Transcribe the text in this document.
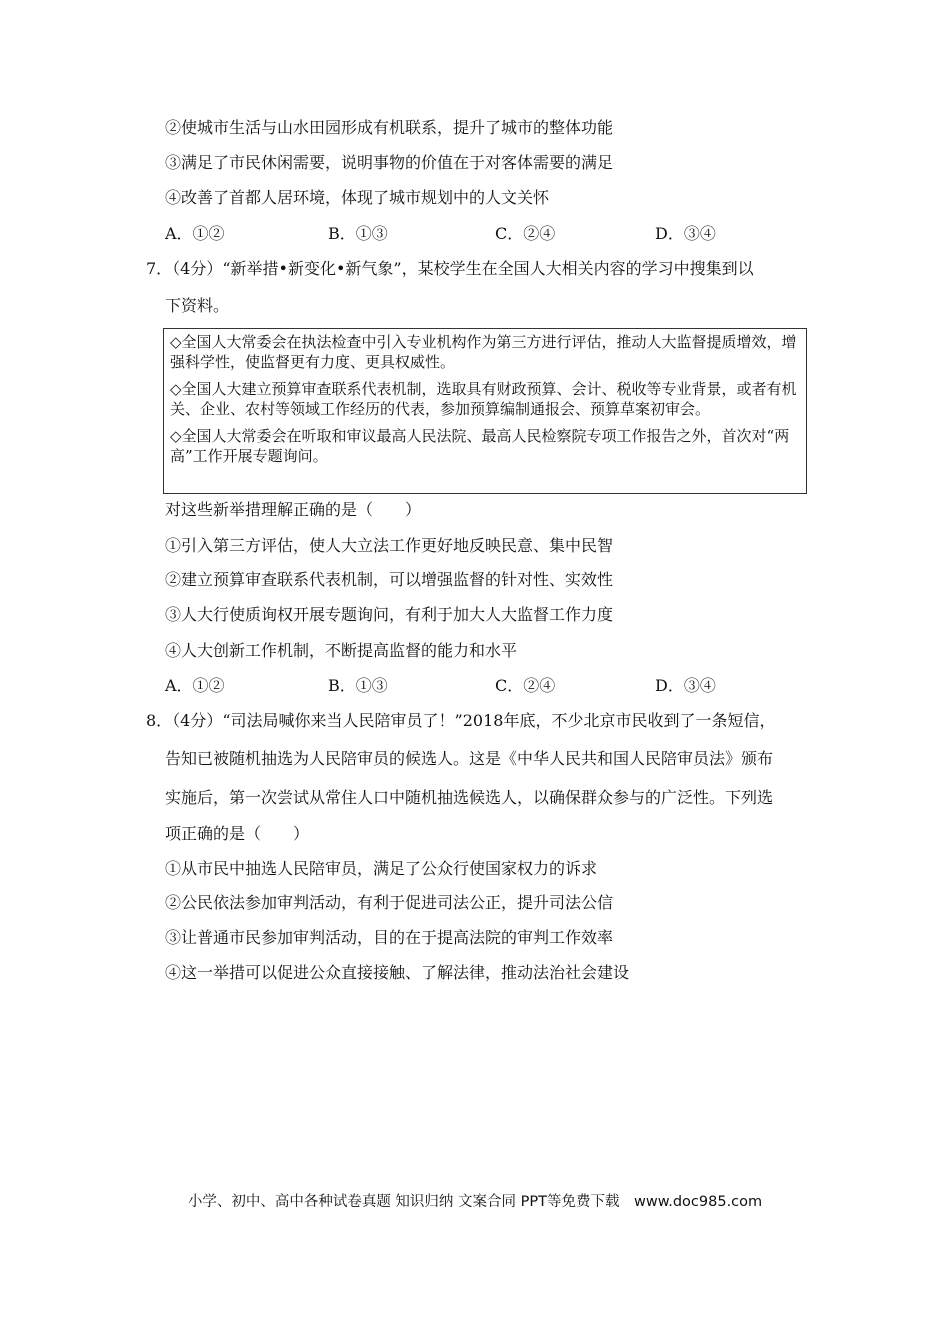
②使城市生活与山水田园形成有机联系，提升了城市的整体功能
③满足了市民休闲需要，说明事物的价值在于对客体需要的满足
④改善了首都人居环境，体现了城市规划中的人文关怀
A．①②	B．①③	C．②④	D．③④
7．（4分）“新举措•新变化•新气象”，某校学生在全国人大相关内容的学习中搜集到以
下资料。

◇全国人大常委会在执法检查中引入专业机构作为第三方进行评估，推动人大监督提质增效，增强科学性，使监督更有力度、更具权威性。

◇全国人大建立预算审查联系代表机制，选取具有财政预算、会计、税收等专业背景，或者有机关、企业、农村等领域工作经历的代表，参加预算编制通报会、预算草案初审会。

◇全国人大常委会在听取和审议最高人民法院、最高人民检察院专项工作报告之外，首次对“两高”工作开展专题询问。

对这些新举措理解正确的是（　　）
①引入第三方评估，使人大立法工作更好地反映民意、集中民智
②建立预算审查联系代表机制，可以增强监督的针对性、实效性
③人大行使质询权开展专题询问，有利于加大人大监督工作力度
④人大创新工作机制，不断提高监督的能力和水平
A．①②	B．①③	C．②④	D．③④
8．（4分）“司法局喊你来当人民陪审员了！”2018年底，不少北京市民收到了一条短信，
告知已被随机抽选为人民陪审员的候选人。这是《中华人民共和国人民陪审员法》颁布
实施后，第一次尝试从常住人口中随机抽选候选人，以确保群众参与的广泛性。下列选
项正确的是（　　）
①从市民中抽选人民陪审员，满足了公众行使国家权力的诉求
②公民依法参加审判活动，有利于促进司法公正，提升司法公信
③让普通市民参加审判活动，目的在于提高法院的审判工作效率
④这一举措可以促进公众直接接触、了解法律，推动法治社会建设
小学、初中、高中各种试卷真题 知识归纳 文案合同 PPT等免费下载　www.doc985.com
